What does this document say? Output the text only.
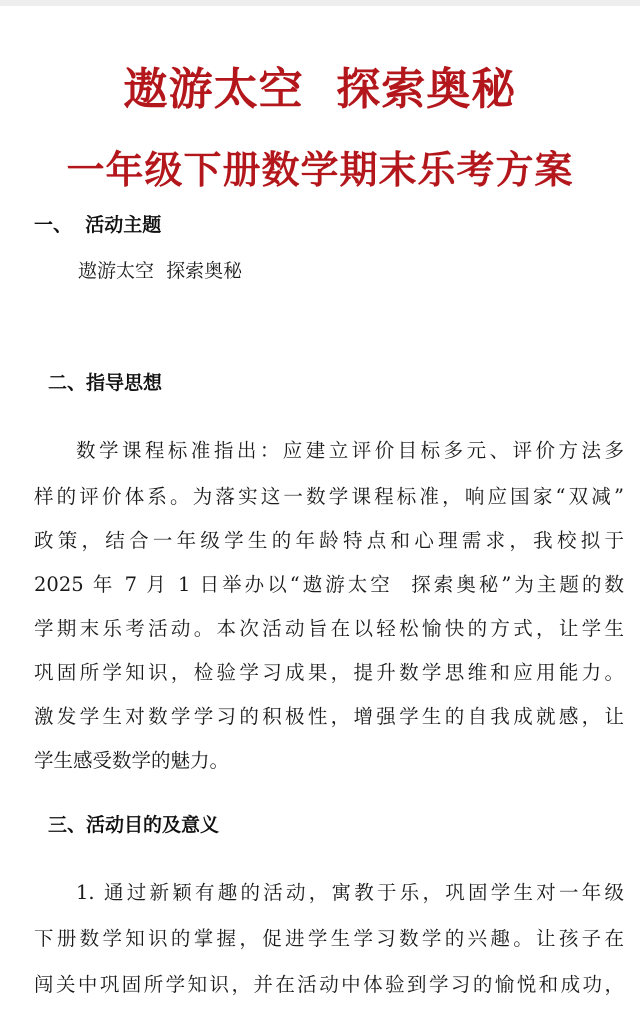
遨游太空  探索奥秘
一年级下册数学期末乐考方案
一、  活动主题
遨游太空  探索奥秘
二、指导思想
数学课程标准指出：应建立评价目标多元、评价方法多
样的评价体系。为落实这一数学课程标准，响应国家“双减”
政策，结合一年级学生的年龄特点和心理需求，我校拟于
2025 年 7 月 1 日举办以“遨游太空  探索奥秘”为主题的数
学期末乐考活动。本次活动旨在以轻松愉快的方式，让学生
巩固所学知识，检验学习成果，提升数学思维和应用能力。
激发学生对数学学习的积极性，增强学生的自我成就感，让
学生感受数学的魅力。
三、活动目的及意义
1. 通过新颖有趣的活动，寓教于乐，巩固学生对一年级
下册数学知识的掌握，促进学生学习数学的兴趣。让孩子在
闯关中巩固所学知识，并在活动中体验到学习的愉悦和成功，
